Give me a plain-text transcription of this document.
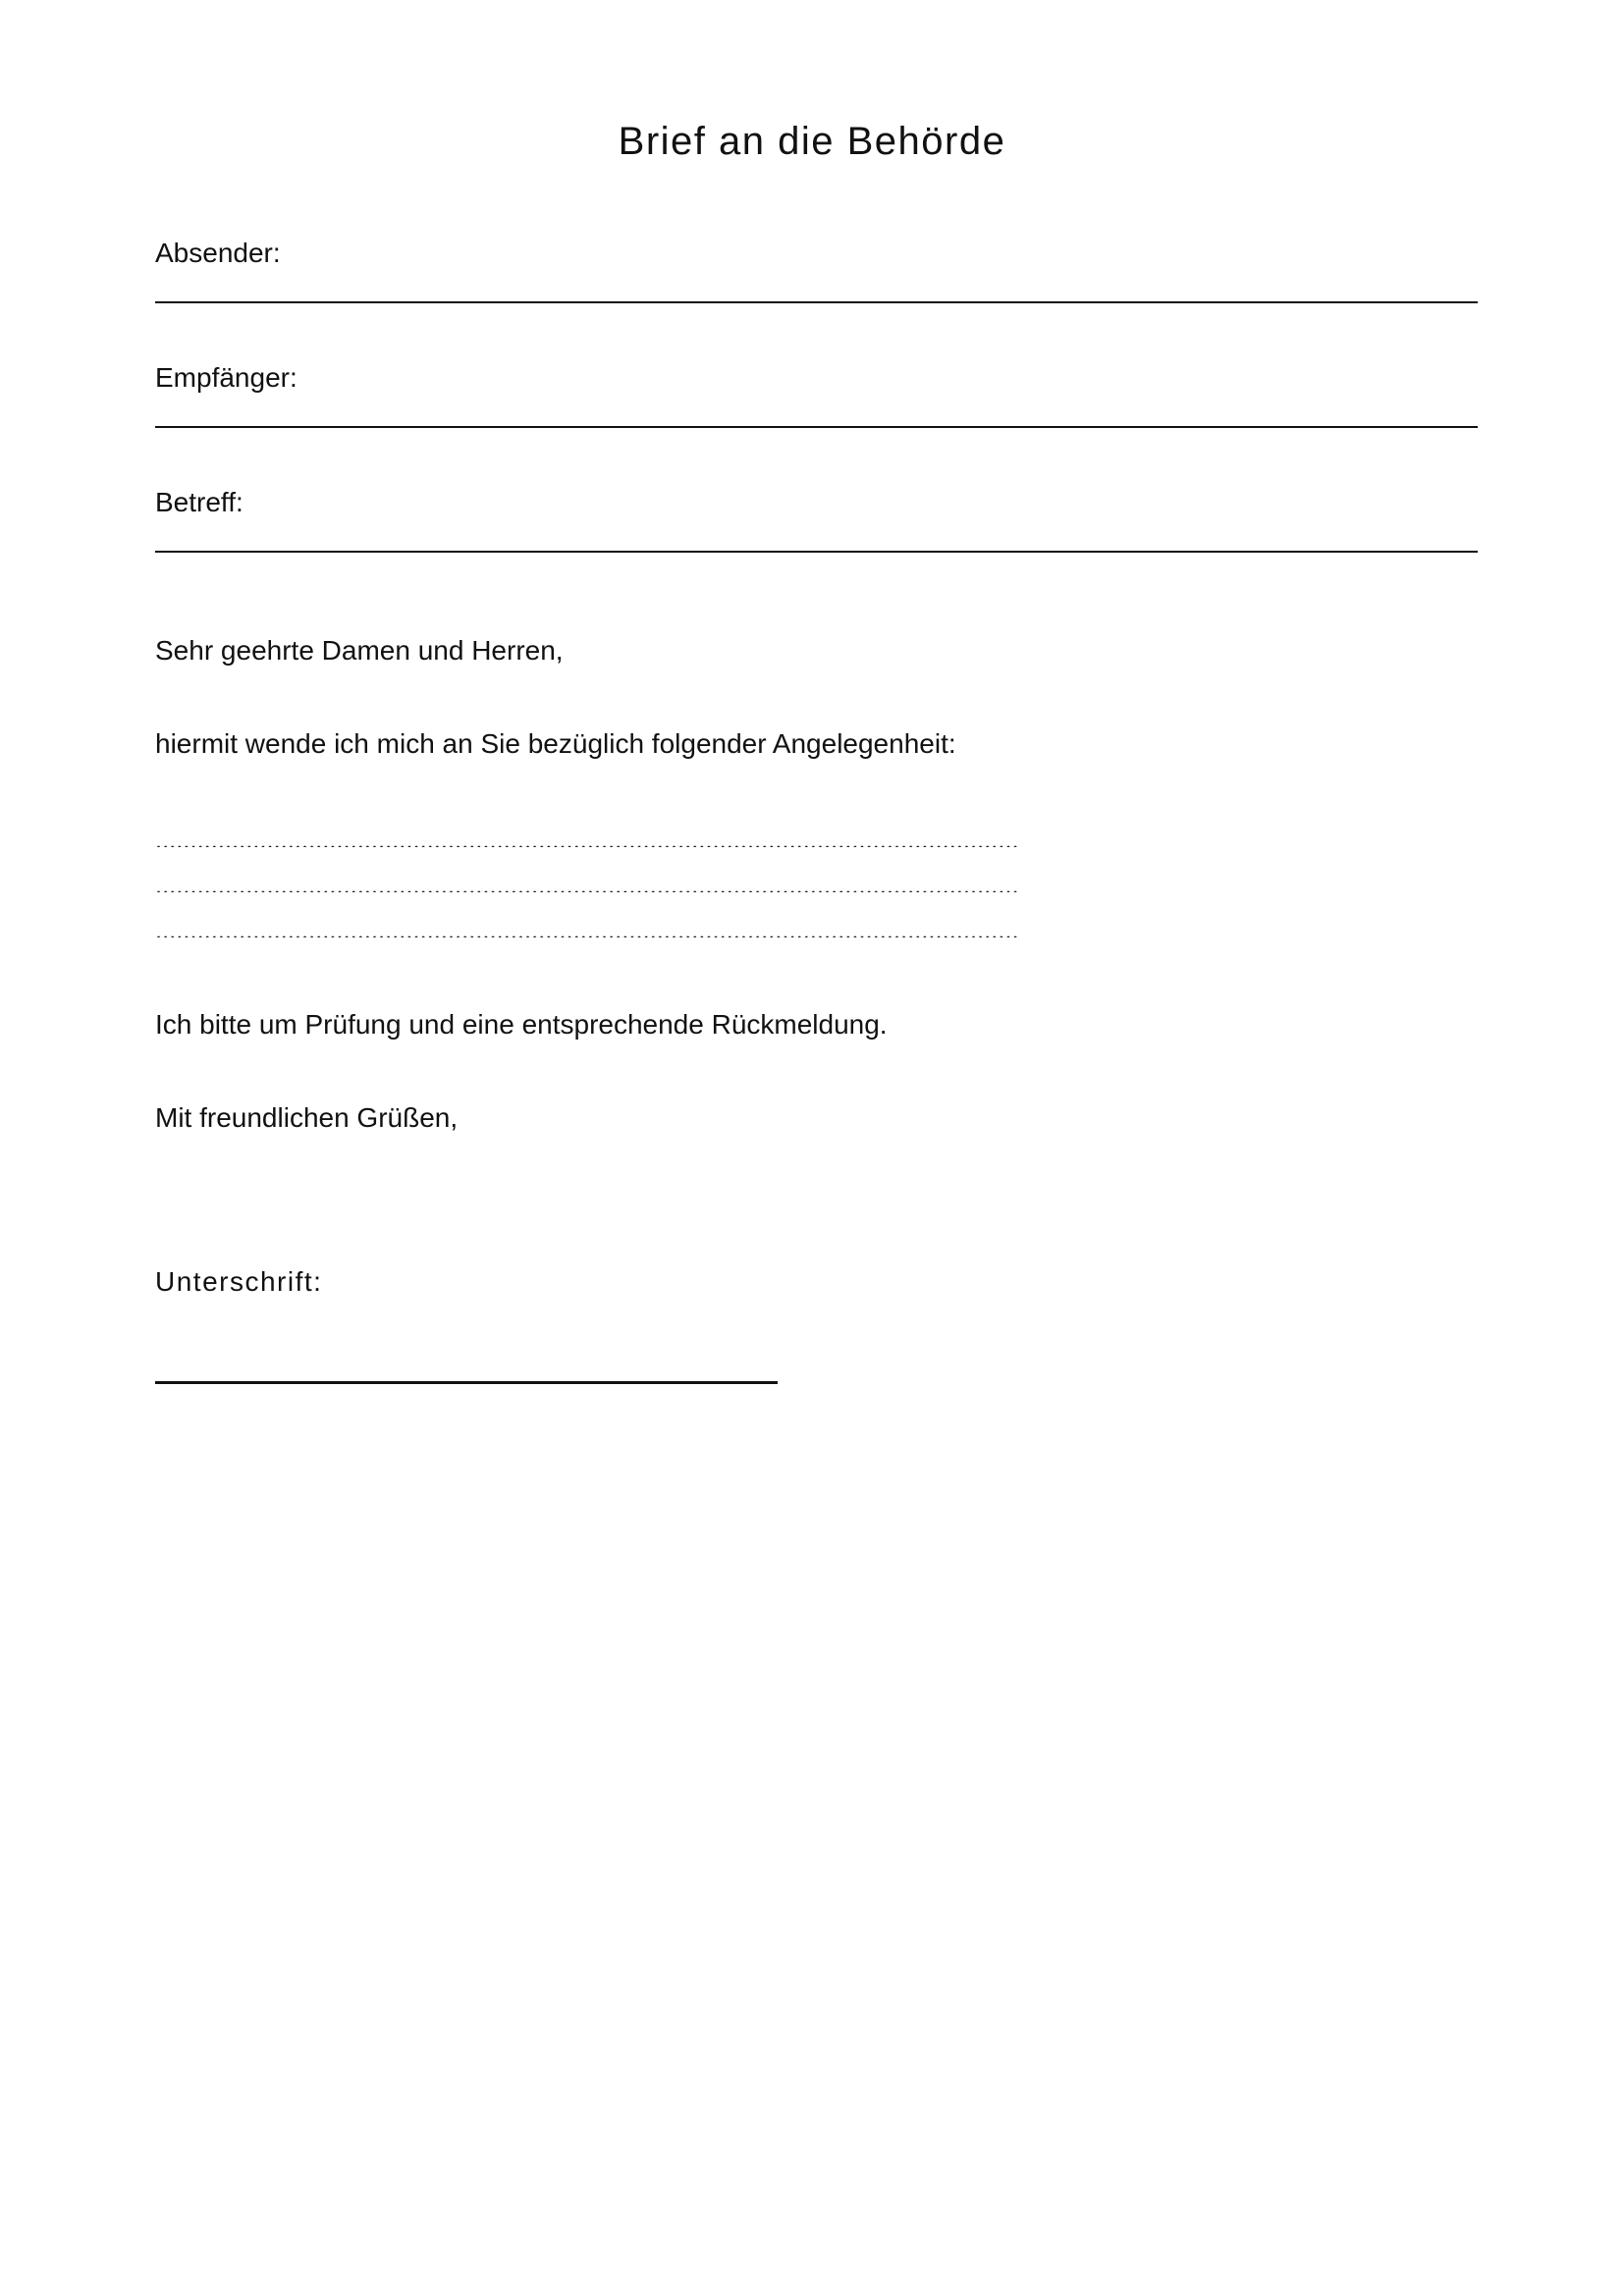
Brief an die Behörde
Absender:
Empfänger:
Betreff:
Sehr geehrte Damen und Herren,
hiermit wende ich mich an Sie bezüglich folgender Angelegenheit:
Ich bitte um Prüfung und eine entsprechende Rückmeldung.
Mit freundlichen Grüßen,
Unterschrift:
